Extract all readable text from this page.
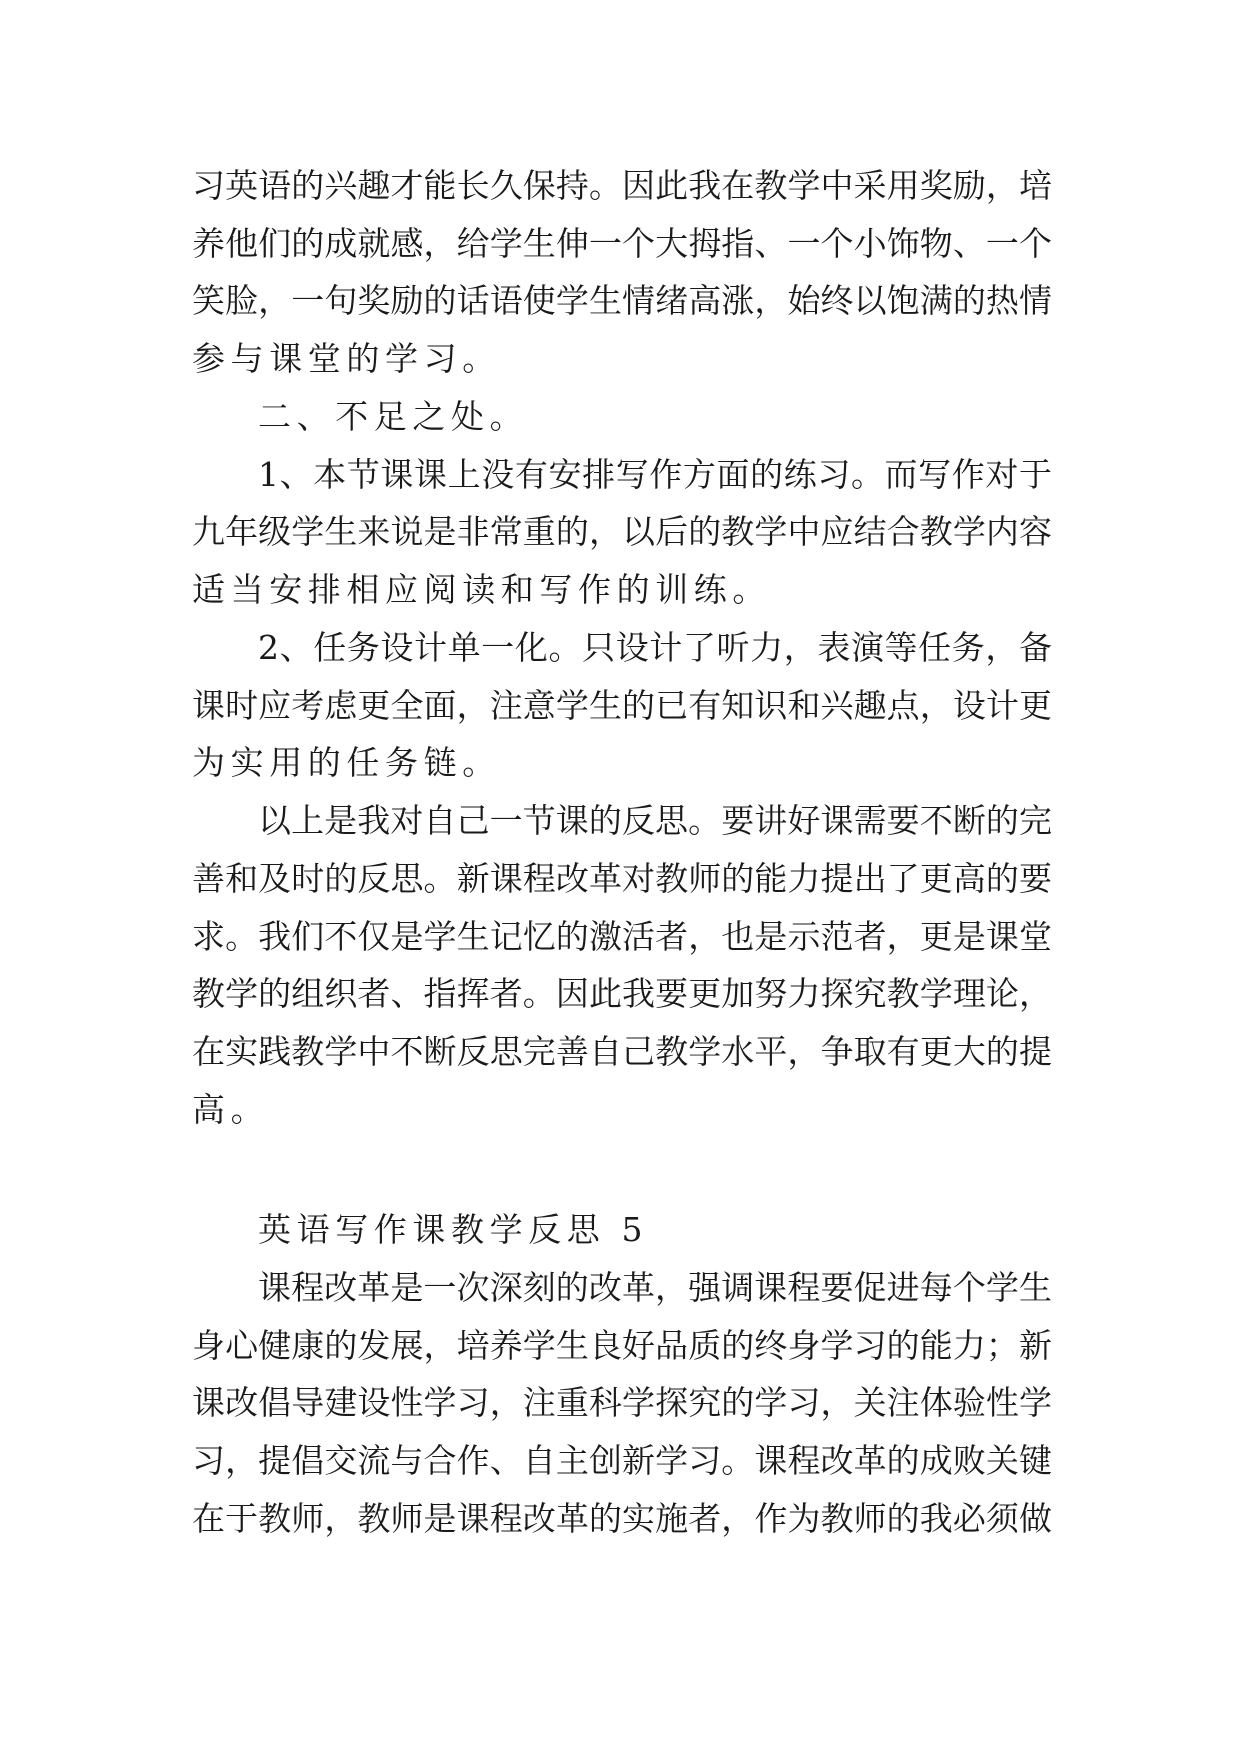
习英语的兴趣才能长久保持。因此我在教学中采用奖励，培
养他们的成就感，给学生伸一个大拇指、一个小饰物、一个
笑脸，一句奖励的话语使学生情绪高涨，始终以饱满的热情
参与课堂的学习。
二、不足之处。
1、本节课课上没有安排写作方面的练习。而写作对于
九年级学生来说是非常重的，以后的教学中应结合教学内容
适当安排相应阅读和写作的训练。
2、任务设计单一化。只设计了听力，表演等任务，备
课时应考虑更全面，注意学生的已有知识和兴趣点，设计更
为实用的任务链。
以上是我对自己一节课的反思。要讲好课需要不断的完
善和及时的反思。新课程改革对教师的能力提出了更高的要
求。我们不仅是学生记忆的激活者，也是示范者，更是课堂
教学的组织者、指挥者。因此我要更加努力探究教学理论，
在实践教学中不断反思完善自己教学水平，争取有更大的提
高。
英语写作课教学反思 5
课程改革是一次深刻的改革，强调课程要促进每个学生
身心健康的发展，培养学生良好品质的终身学习的能力；新
课改倡导建设性学习，注重科学探究的学习，关注体验性学
习，提倡交流与合作、自主创新学习。课程改革的成败关键
在于教师，教师是课程改革的实施者，作为教师的我必须做
